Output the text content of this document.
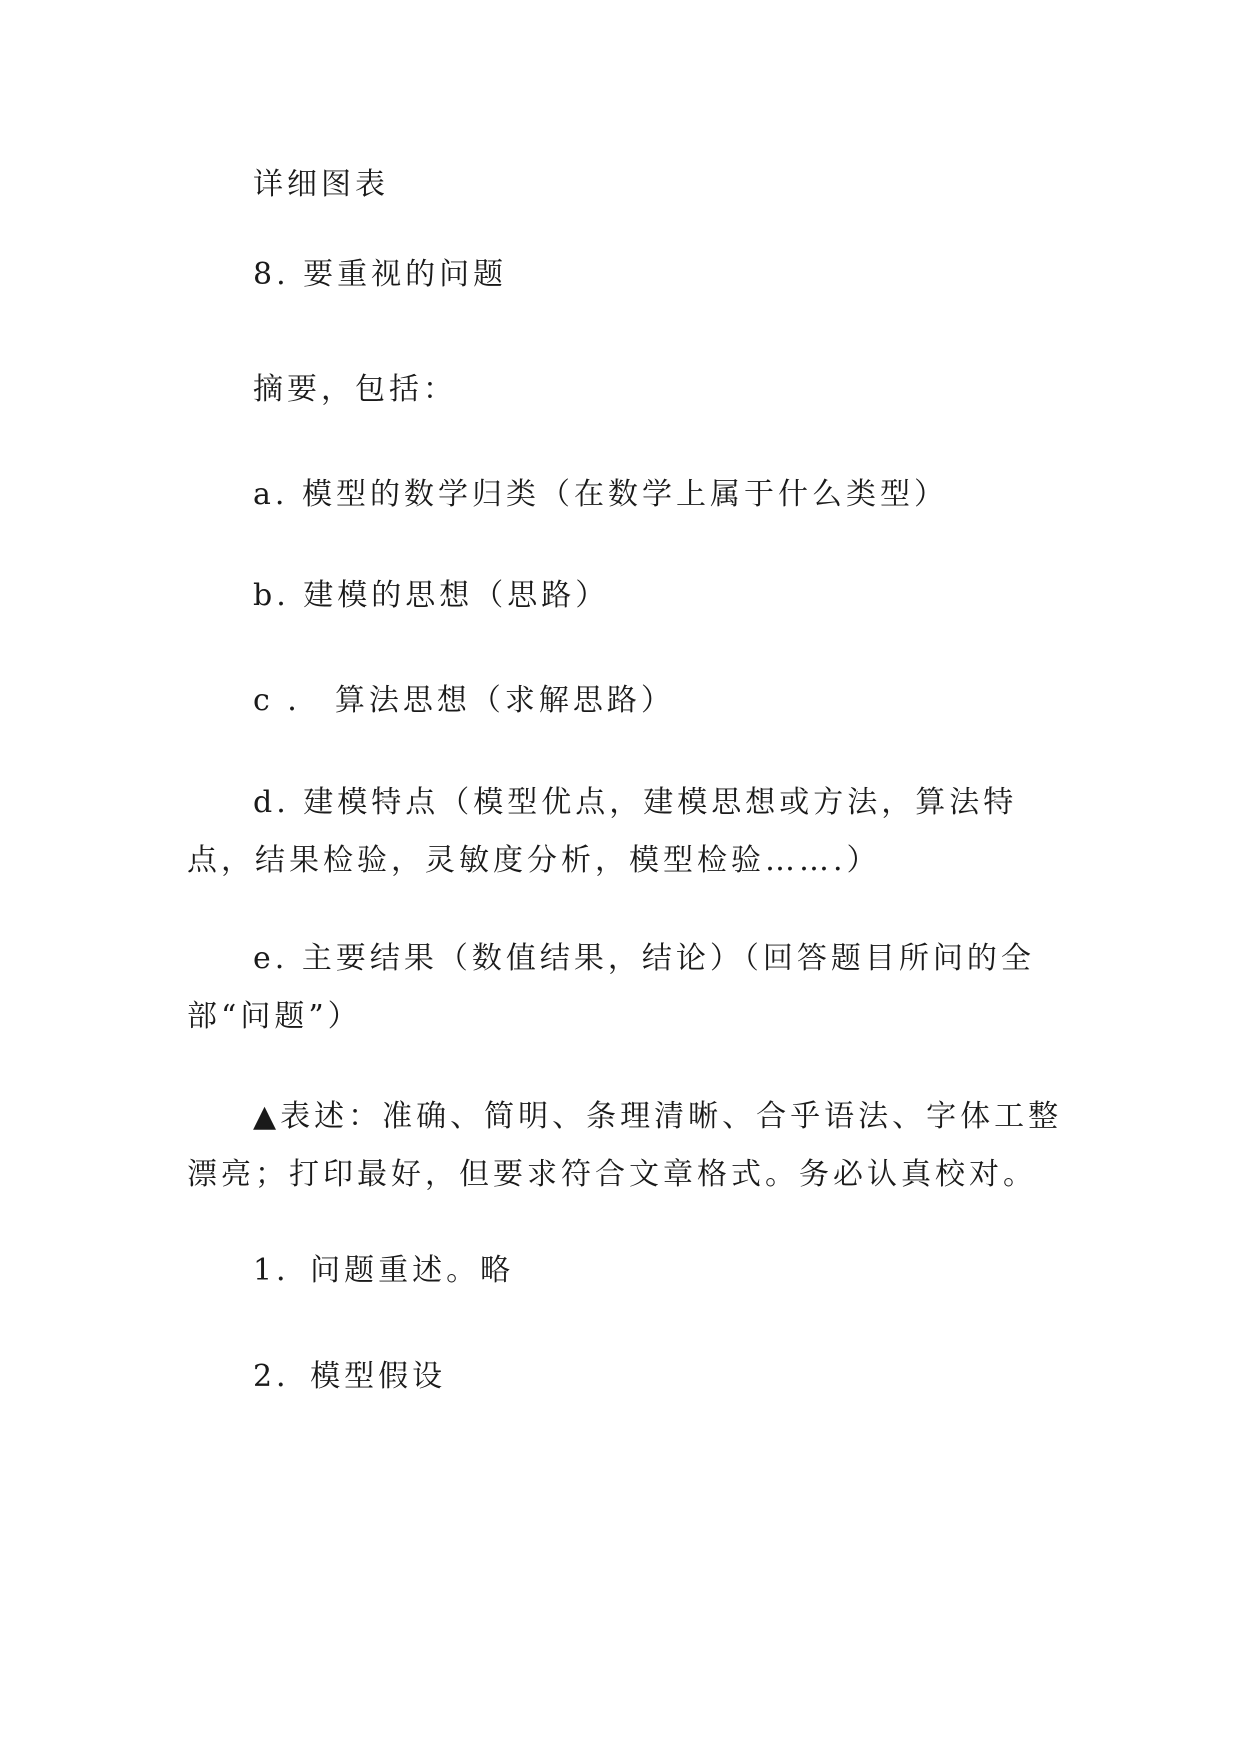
详细图表

8. 要重视的问题

摘要，包括：

a. 模型的数学归类（在数学上属于什么类型）

b. 建模的思想（思路）

c ． 算法思想（求解思路）

d. 建模特点（模型优点，建模思想或方法，算法特点，结果检验，灵敏度分析，模型检验…….）

e. 主要结果（数值结果，结论）（回答题目所问的全部“问题”）

▲表述：准确、简明、条理清晰、合乎语法、字体工整漂亮；打印最好，但要求符合文章格式。务必认真校对。

1．问题重述。略

2．模型假设
